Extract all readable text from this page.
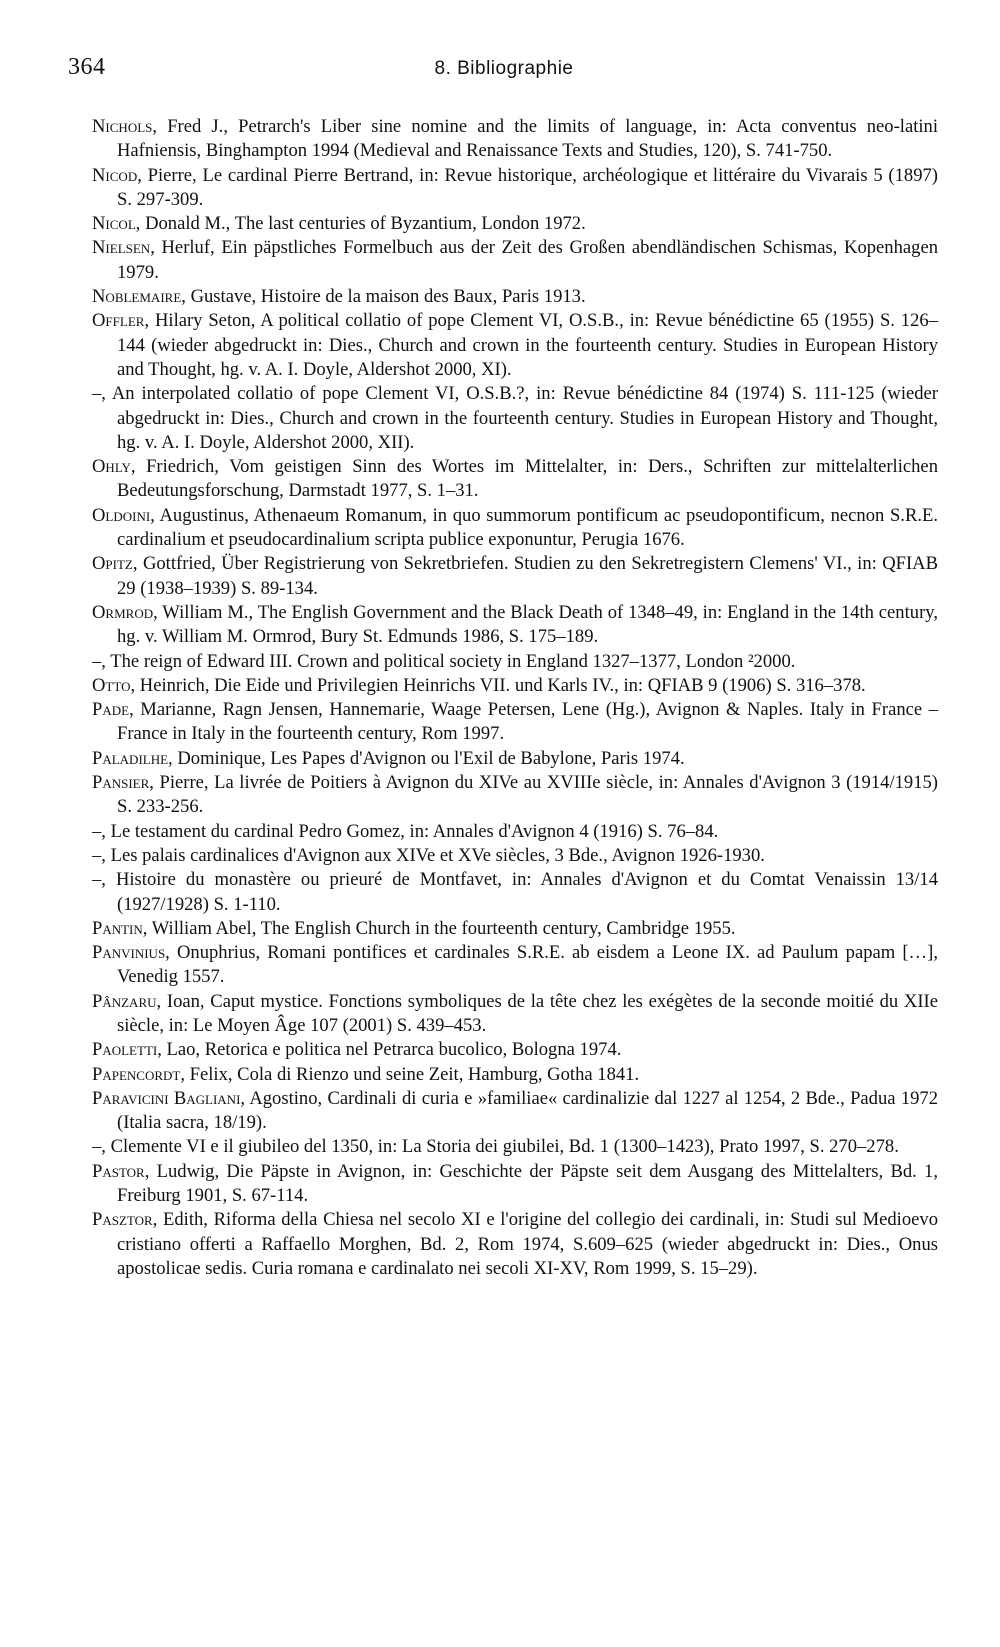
364	8. Bibliographie

Nichols, Fred J., Petrarch's Liber sine nomine and the limits of language, in: Acta conventus neo-latini Hafniensis, Binghampton 1994 (Medieval and Renaissance Texts and Studies, 120), S. 741-750.

Nicod, Pierre, Le cardinal Pierre Bertrand, in: Revue historique, archéologique et littéraire du Vivarais 5 (1897) S. 297-309.

Nicol, Donald M., The last centuries of Byzantium, London 1972.

Nielsen, Herluf, Ein päpstliches Formelbuch aus der Zeit des Großen abendländischen Schismas, Kopenhagen 1979.

Noblemaire, Gustave, Histoire de la maison des Baux, Paris 1913.

Offler, Hilary Seton, A political collatio of pope Clement VI, O.S.B., in: Revue bénédictine 65 (1955) S. 126–144 (wieder abgedruckt in: Dies., Church and crown in the fourteenth century. Studies in European History and Thought, hg. v. A. I. Doyle, Aldershot 2000, XI).

–, An interpolated collatio of pope Clement VI, O.S.B.?, in: Revue bénédictine 84 (1974) S. 111-125 (wieder abgedruckt in: Dies., Church and crown in the fourteenth century. Studies in European History and Thought, hg. v. A. I. Doyle, Aldershot 2000, XII).

Ohly, Friedrich, Vom geistigen Sinn des Wortes im Mittelalter, in: Ders., Schriften zur mittelalterlichen Bedeutungsforschung, Darmstadt 1977, S. 1–31.

Oldoini, Augustinus, Athenaeum Romanum, in quo summorum pontificum ac pseudopontificum, necnon S.R.E. cardinalium et pseudocardinalium scripta publice exponuntur, Perugia 1676.

Opitz, Gottfried, Über Registrierung von Sekretbriefen. Studien zu den Sekretregistern Clemens' VI., in: QFIAB 29 (1938–1939) S. 89-134.

Ormrod, William M., The English Government and the Black Death of 1348–49, in: England in the 14th century, hg. v. William M. Ormrod, Bury St. Edmunds 1986, S. 175–189.

–, The reign of Edward III. Crown and political society in England 1327–1377, London ²2000.

Otto, Heinrich, Die Eide und Privilegien Heinrichs VII. und Karls IV., in: QFIAB 9 (1906) S. 316–378.

Pade, Marianne, Ragn Jensen, Hannemarie, Waage Petersen, Lene (Hg.), Avignon & Naples. Italy in France – France in Italy in the fourteenth century, Rom 1997.

Paladilhe, Dominique, Les Papes d'Avignon ou l'Exil de Babylone, Paris 1974.

Pansier, Pierre, La livrée de Poitiers à Avignon du XIVe au XVIIIe siècle, in: Annales d'Avignon 3 (1914/1915) S. 233-256.

–, Le testament du cardinal Pedro Gomez, in: Annales d'Avignon 4 (1916) S. 76–84.

–, Les palais cardinalices d'Avignon aux XIVe et XVe siècles, 3 Bde., Avignon 1926-1930.

–, Histoire du monastère ou prieuré de Montfavet, in: Annales d'Avignon et du Comtat Venaissin 13/14 (1927/1928) S. 1-110.

Pantin, William Abel, The English Church in the fourteenth century, Cambridge 1955.

Panvinius, Onuphrius, Romani pontifices et cardinales S.R.E. ab eisdem a Leone IX. ad Paulum papam […], Venedig 1557.

Pânzaru, Ioan, Caput mystice. Fonctions symboliques de la tête chez les exégètes de la seconde moitié du XIIe siècle, in: Le Moyen Âge 107 (2001) S. 439–453.

Paoletti, Lao, Retorica e politica nel Petrarca bucolico, Bologna 1974.

Papencordt, Felix, Cola di Rienzo und seine Zeit, Hamburg, Gotha 1841.

Paravicini Bagliani, Agostino, Cardinali di curia e »familiae« cardinalizie dal 1227 al 1254, 2 Bde., Padua 1972 (Italia sacra, 18/19).

–, Clemente VI e il giubileo del 1350, in: La Storia dei giubilei, Bd. 1 (1300–1423), Prato 1997, S. 270–278.

Pastor, Ludwig, Die Päpste in Avignon, in: Geschichte der Päpste seit dem Ausgang des Mittelalters, Bd. 1, Freiburg 1901, S. 67-114.

Pasztor, Edith, Riforma della Chiesa nel secolo XI e l'origine del collegio dei cardinali, in: Studi sul Medioevo cristiano offerti a Raffaello Morghen, Bd. 2, Rom 1974, S.609–625 (wieder abgedruckt in: Dies., Onus apostolicae sedis. Curia romana e cardinalato nei secoli XI-XV, Rom 1999, S. 15–29).
